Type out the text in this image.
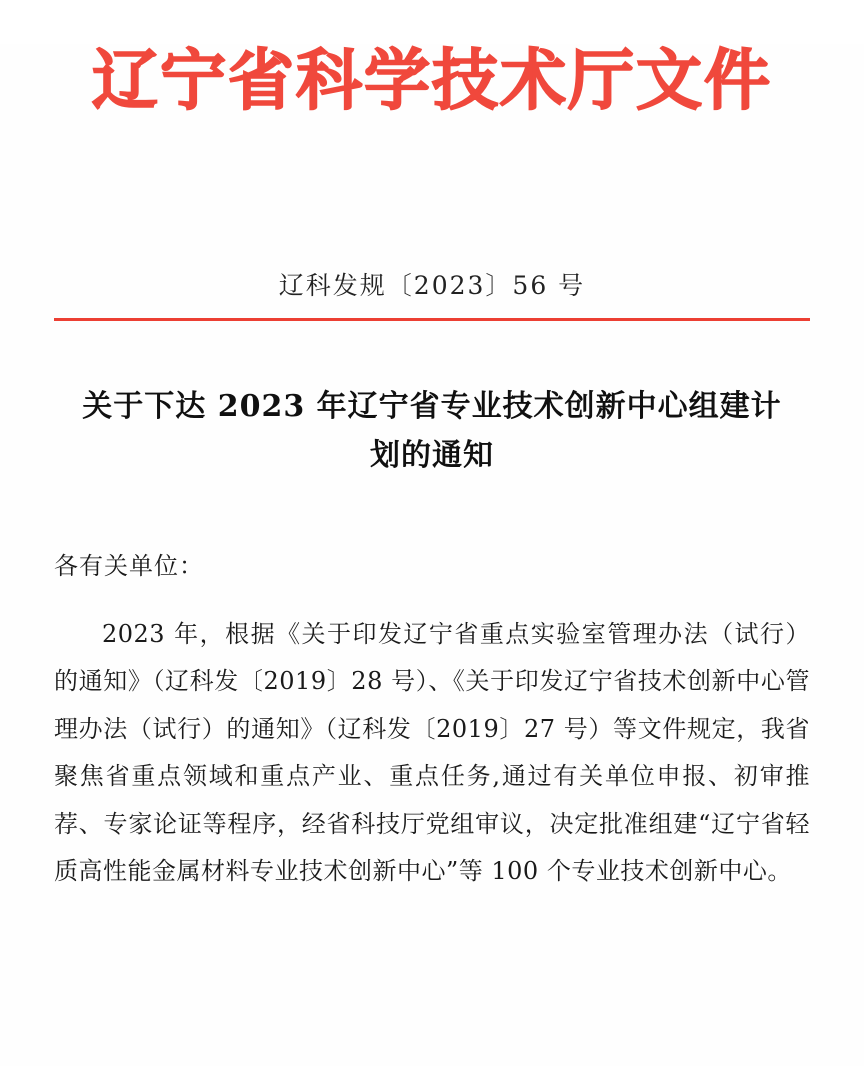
辽宁省科学技术厅文件
辽科发规〔2023〕56 号
关于下达 2023 年辽宁省专业技术创新中心组建计划的通知
各有关单位：

2023 年，根据《关于印发辽宁省重点实验室管理办法（试行）的通知》（辽科发〔2019〕28 号）、《关于印发辽宁省技术创新中心管理办法（试行）的通知》（辽科发〔2019〕27 号）等文件规定，我省聚焦省重点领域和重点产业、重点任务,通过有关单位申报、初审推荐、专家论证等程序，经省科技厅党组审议，决定批准组建“辽宁省轻质高性能金属材料专业技术创新中心”等 100 个专业技术创新中心。
